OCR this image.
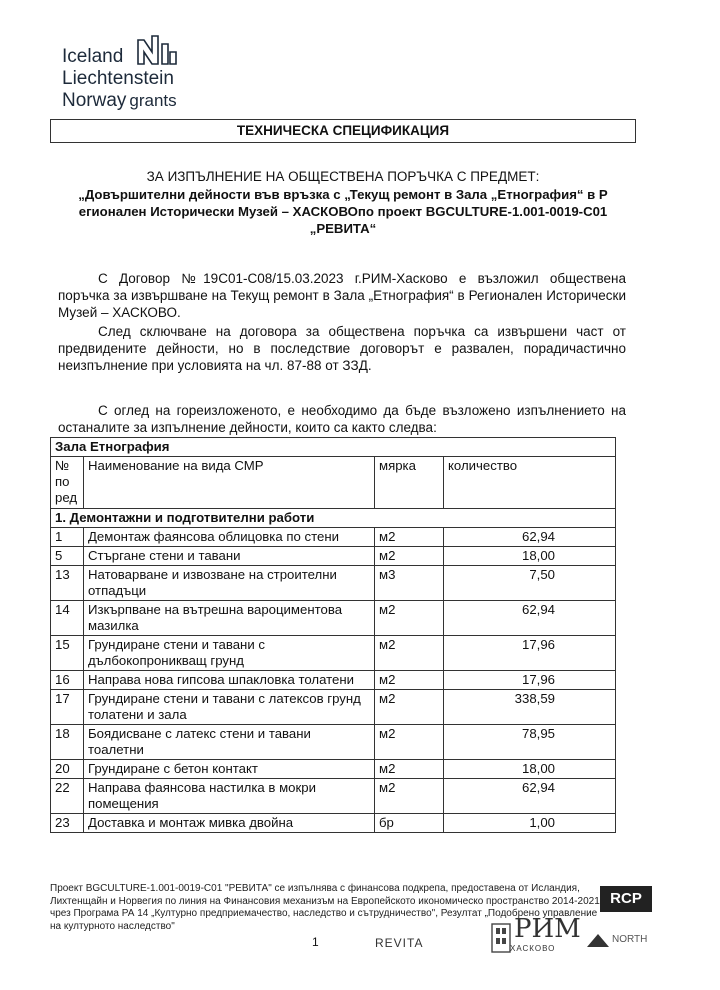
Iceland
Liechtenstein
Norway grants
ТЕХНИЧЕСКА СПЕЦИФИКАЦИЯ
ЗА ИЗПЪЛНЕНИЕ НА ОБЩЕСТВЕНА ПОРЪЧКА С ПРЕДМЕТ:
„Довършителни дейности във връзка с „Текущ ремонт в Зала „Етнография“ в Р егионален Исторически Музей – ХАСКОВОпо проект BGCULTURE-1.001-0019-C01 „РЕВИТА“
С Договор №19С01-С08/15.03.2023 г.РИМ-Хасково е възложил обществена поръчка за извършване на Текущ ремонт в Зала „Етнография“ в Регионален Исторически Музей – ХАСКОВО.
След сключване на договора за обществена поръчка са извършени част от предвидените дейности, но в последствие договорът е развален, порадичастично неизпълнение при условията на чл. 87-88 от ЗЗД.
С оглед на гореизложеното, е необходимо да бъде възложено изпълнението на останалите за изпълнение дейности, които са както следва:
Зала Етнография			
№ по ред	Наименование на вида СМР	мярка	количество
1. Демонтажни и подготвителни работи			
1	Демонтаж фаянсова облицовка по стени	м2	62,94
5	Стъргане стени и тавани	м2	18,00
13	Натоварване и извозване на строителни отпадъци	м3	7,50
14	Изкърпване на вътрешна вароциментова мазилка	м2	62,94
15	Грундиране стени и тавани с дълбокопроникващ грунд	м2	17,96
16	Направа нова гипсова шпакловка толатени	м2	17,96
17	Грундиране стени и тавани с латексов грунд толатени и зала	м2	338,59
18	Боядисване с латекс стени и тавани тоалетни	м2	78,95
20	Грундиране с бетон контакт	м2	18,00
22	Направа фаянсова настилка в мокри помещения	м2	62,94
23	Доставка и монтаж мивка двойна	бр	1,00
Проект BGCULTURE-1.001-0019-C01 "РЕВИТА" се изпълнява с финансова подкрепа, предоставена от Исландия, Лихтенщайн и Норвегия по линия на Финансовия механизъм на Европейското икономическо пространство 2014-2021 чрез Програма РА 14 „Културно предприемачество, наследство и сътрудничество", Резултат „Подобрено управление на културното наследство"
1	REVITA	РИМ
ХАСКОВО
RCP
NORTH
